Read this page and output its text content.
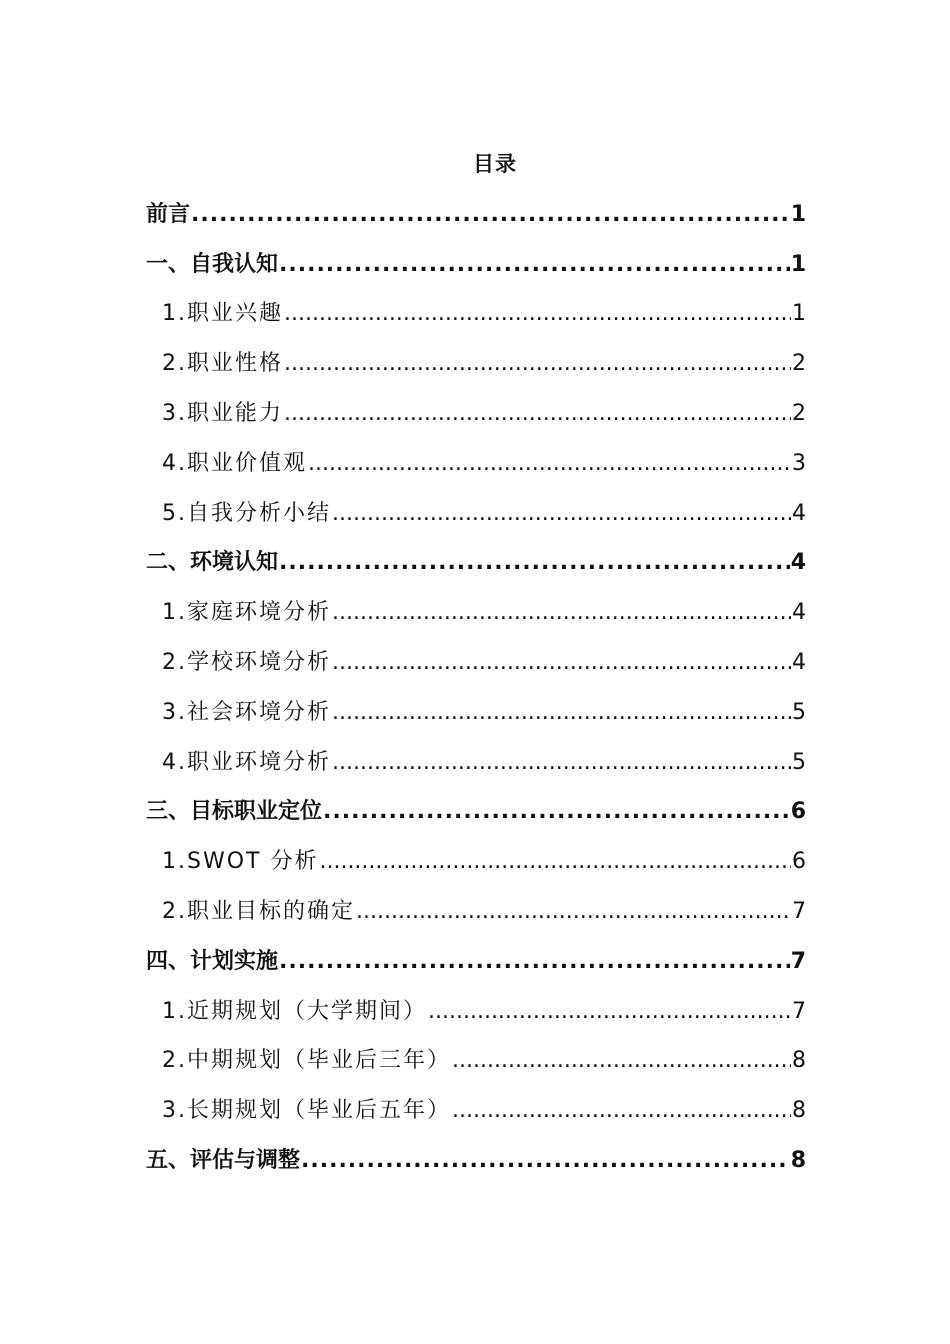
目录
前言 .....	1
一、自我认知 .....	1
1.职业兴趣 .....	1
2.职业性格 .....	2
3.职业能力 .....	2
4.职业价值观 .....	3
5.自我分析小结 .....	4
二、环境认知 .....	4
1.家庭环境分析 .....	4
2.学校环境分析 .....	4
3.社会环境分析 .....	5
4.职业环境分析 .....	5
三、目标职业定位 .....	6
1.SWOT 分析 .....	6
2.职业目标的确定 .....	7
四、计划实施 .....	7
1.近期规划（大学期间） .....	7
2.中期规划（毕业后三年） .....	8
3.长期规划（毕业后五年） .....	8
五、评估与调整 .....	8
